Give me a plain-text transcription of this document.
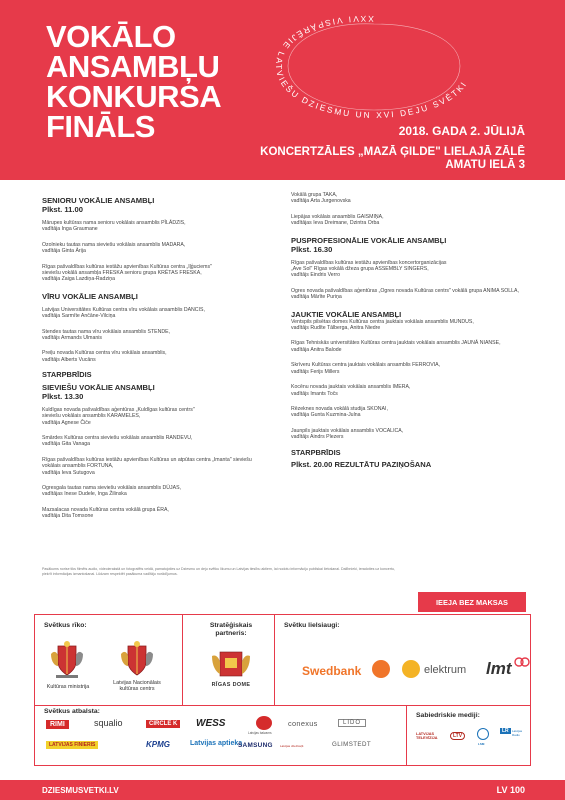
VOKĀLO
ANSAMBĻU
KONKURSA
FINĀLS
XXVI VISPĀRĒJIE LATVIEŠU DZIESMU UN XVI DEJU SVĒTKI
2018. GADA 2. JŪLIJĀ
KONCERTZĀLES „MAZĀ ĢILDE" LIELAJĀ ZĀLĒ
AMATU IELĀ 3
SENIORU VOKĀLIE ANSAMBĻI
Plkst. 11.00
Mārupes kultūras nama senioru vokālais ansamblis PĪLĀDZIS,
vadītāja Inga Graumane
Ozolnieku tautas nama sieviešu vokālais ansamblis MADARA,
vadītāja Ginta Ārija
Rīgas pašvaldības kultūras iestāžu apvienības Kultūras centra „Iļģuciems"
sieviešu vokālā ansambļa FRESKA senioru grupa KRĒTAS FRESKA,
vadītāja Zaiga Lazdiņa-Radziņa
VĪRU VOKĀLIE ANSAMBĻI
Latvijas Universitātes Kultūras centra vīru vokālais ansamblis DANCIS,
vadītāja Sarmīte Ančāne-Vilciņa
Stendes tautas nama vīru vokālais ansamblis STENDE,
vadītājs Armands Ulmanis
Preiļu novada Kultūras centra vīru vokālais ansamblis,
vadītājs Alberts Vucāns
STARPBRĪDIS
SIEVIEŠU VOKĀLIE ANSAMBĻI
Plkst. 13.30
Kuldīgas novada pašvaldības aģentūras „Kuldīgas kultūras centrs"
sieviešu vokālais ansamblis KARAMELES,
vadītāja Agnese Čiče
Smārdes Kultūras centra sieviešu vokālais ansamblis RANDEVU,
vadītāja Gita Vanaga
Rīgas pašvaldības kultūras iestāžu apvienības Kultūras un atpūtas centra „Imanta" sieviešu
vokālais ansamblis FORTUNA,
vadītāja Ieva Sutugova
Ogresgala tautas nama sieviešu vokālais ansamblis DŪJAS,
vadītājas Inese Dudele, Inga Žilinska
Mazsalacas novada Kultūras centra vokālā grupa ĒRA,
vadītāja Dita Tomsone
Vokālā grupa TAKA,
vadītāja Arta Jurgenovska
Liepājas vokālais ansamblis GAISMIŅA,
vadītājas Ieva Dreimane, Dzintra Orba
PUSPROFESIONĀLIE VOKĀLIE ANSAMBĻI
Plkst. 16.30
Rīgas pašvaldības kultūras iestāžu apvienības koncertorganizācijas
„Ave Sol" Rīgas vokālā džeza grupa ASSEMBLY SINGERS,
vadītājs Eindris Verro
Ogres novada pašvaldības aģentūras „Ogres novada Kultūras centrs" vokālā grupa ANIMA SOLLA,
vadītāja Mārīte Puriņa
JAUKTIE VOKĀLIE ANSAMBĻI
Ventspils pilsētas domes Kultūras centra jauktais vokālais ansamblis MUNDUS,
vadītājs Rudīte Tālberga, Anitra Niedre
Rīgas Tehniskās universitātes Kultūras centra jauktais vokālais ansamblis JAUNĀ NIANSE,
vadītāja Anitra Balode
Skrīveru Kultūras centra jauktais vokālais ansamblis FERROVIA,
vadītājs Ferijs Millers
Kocēnu novada jauktais vokālais ansamblis IMERA,
vadītājs Imants Točs
Rēzeknes novada vokālā studija SKONAI,
vadītāja Gunta Kuzmina-Julna
Jaunpils jauktais vokālais ansamblis VOCALICA,
vadītājs Aindrs Plezers
STARPBRĪDIS
Plkst. 20.00 REZULTĀTU PAZIŅOŠANA
Pasākums norise tiks filmēts audio, videoierakstā un fotografēts veidā, pamatojoties uz Dziesmu un deju svētku likumu un Latvijas tiesību aktiem, lai nodotu informāciju publiskai lietošanai. Dalībnieki, ieradoties uz koncertu, piekrīt informācijas izmantošanai. Lūdzam respektēt pasākuma vadītāju norādījumus.
IEEJA BEZ MAKSAS
Svētkus rīko:
Kultūras ministrija
Latvijas Nacionālais kultūras centrs
Stratēģiskais
partneris:
RĪGAS DOME
Svētku lielsiaugi:
Swedbank	elektrum lmt
Svētkus atbalsta:
RIMI	squalio	CIRCLE K	WESS
Latvijas balzams
conexus	LIDO
LATVIJAS FINIERIS	KPMG	Latvijas aptieka
SAMSUNG Latvijas dzelzceļš	GLIMSTEDT
Sabiedriskie mediji:
LATVIJAS TELEVĪZIJA	LTV
LSM
LR	Latvijas Radio
DZIESMUSVETKI.LV	LV 100
